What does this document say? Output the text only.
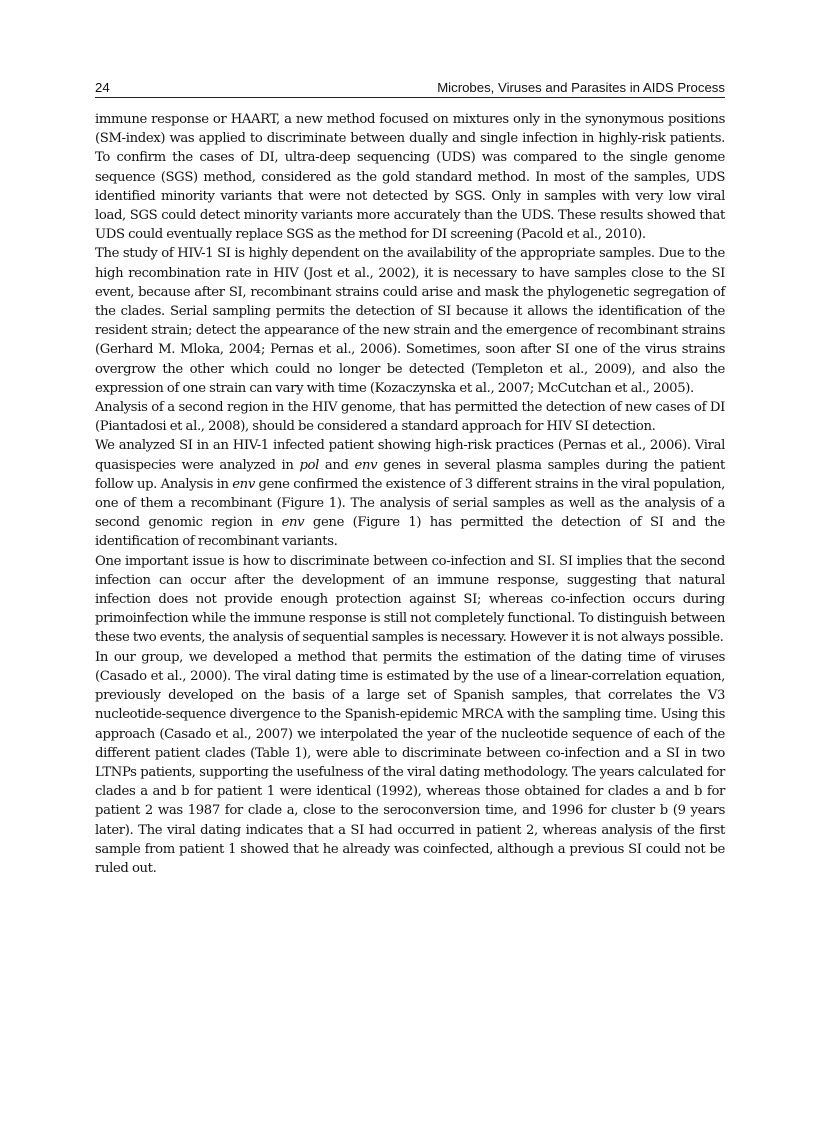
24	Microbes, Viruses and Parasites in AIDS Process

immune response or HAART, a new method focused on mixtures only in the synonymous positions (SM-index) was applied to discriminate between dually and single infection in highly-risk patients. To confirm the cases of DI, ultra-deep sequencing (UDS) was compared to the single genome sequence (SGS) method, considered as the gold standard method. In most of the samples, UDS identified minority variants that were not detected by SGS. Only in samples with very low viral load, SGS could detect minority variants more accurately than the UDS. These results showed that UDS could eventually replace SGS as the method for DI screening (Pacold et al., 2010).

The study of HIV-1 SI is highly dependent on the availability of the appropriate samples. Due to the high recombination rate in HIV (Jost et al., 2002), it is necessary to have samples close to the SI event, because after SI, recombinant strains could arise and mask the phylogenetic segregation of the clades. Serial sampling permits the detection of SI because it allows the identification of the resident strain; detect the appearance of the new strain and the emergence of recombinant strains (Gerhard M. Mloka, 2004; Pernas et al., 2006). Sometimes, soon after SI one of the virus strains overgrow the other which could no longer be detected (Templeton et al., 2009), and also the expression of one strain can vary with time (Kozaczynska et al., 2007; McCutchan et al., 2005).

Analysis of a second region in the HIV genome, that has permitted the detection of new cases of DI (Piantadosi et al., 2008), should be considered a standard approach for HIV SI detection.

We analyzed SI in an HIV-1 infected patient showing high-risk practices (Pernas et al., 2006). Viral quasispecies were analyzed in pol and env genes in several plasma samples during the patient follow up. Analysis in env gene confirmed the existence of 3 different strains in the viral population, one of them a recombinant (Figure 1). The analysis of serial samples as well as the analysis of a second genomic region in env gene (Figure 1) has permitted the detection of SI and the identification of recombinant variants.

One important issue is how to discriminate between co-infection and SI. SI implies that the second infection can occur after the development of an immune response, suggesting that natural infection does not provide enough protection against SI; whereas co-infection occurs during primoinfection while the immune response is still not completely functional. To distinguish between these two events, the analysis of sequential samples is necessary. However it is not always possible.

In our group, we developed a method that permits the estimation of the dating time of viruses (Casado et al., 2000). The viral dating time is estimated by the use of a linear-correlation equation, previously developed on the basis of a large set of Spanish samples, that correlates the V3 nucleotide-sequence divergence to the Spanish-epidemic MRCA with the sampling time. Using this approach (Casado et al., 2007) we interpolated the year of the nucleotide sequence of each of the different patient clades (Table 1), were able to discriminate between co-infection and a SI in two LTNPs patients, supporting the usefulness of the viral dating methodology. The years calculated for clades a and b for patient 1 were identical (1992), whereas those obtained for clades a and b for patient 2 was 1987 for clade a, close to the seroconversion time, and 1996 for cluster b (9 years later). The viral dating indicates that a SI had occurred in patient 2, whereas analysis of the first sample from patient 1 showed that he already was coinfected, although a previous SI could not be ruled out.
